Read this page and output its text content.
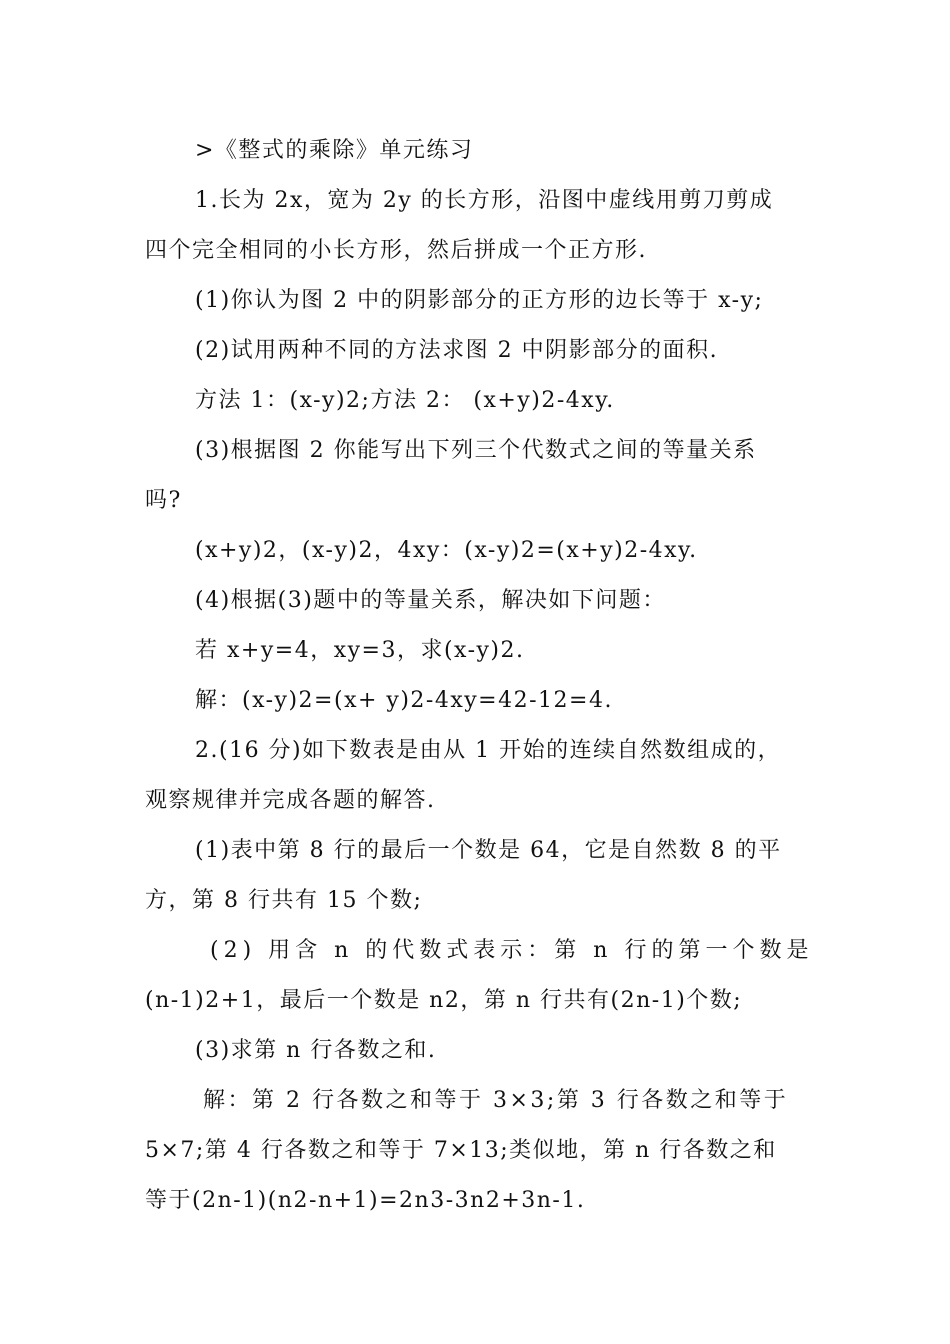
>《整式的乘除》单元练习
1.长为 2x，宽为 2y 的长方形，沿图中虚线用剪刀剪成
四个完全相同的小长方形，然后拼成一个正方形.
(1)你认为图 2 中的阴影部分的正方形的边长等于 x-y;
(2)试用两种不同的方法求图 2 中阴影部分的面积.
方法 1：(x-y)2;方法 2： (x+y)2-4xy.
(3)根据图 2 你能写出下列三个代数式之间的等量关系
吗?
(x+y)2，(x-y)2，4xy：(x-y)2=(x+y)2-4xy.
(4)根据(3)题中的等量关系，解决如下问题：
若 x+y=4，xy=3，求(x-y)2.
解：(x-y)2=(x+ y)2-4xy=42-12=4.
2.(16 分)如下数表是由从 1 开始的连续自然数组成的，
观察规律并完成各题的解答.
(1)表中第 8 行的最后一个数是 64，它是自然数 8 的平
方，第 8 行共有 15 个数;
(2) 用含 n 的代数式表示：第 n 行的第一个数是
(n-1)2+1，最后一个数是 n2，第 n 行共有(2n-1)个数;
(3)求第 n 行各数之和.
解：第 2 行各数之和等于 3×3;第 3 行各数之和等于
5×7;第 4 行各数之和等于 7×13;类似地，第 n 行各数之和
等于(2n-1)(n2-n+1)=2n3-3n2+3n-1.
